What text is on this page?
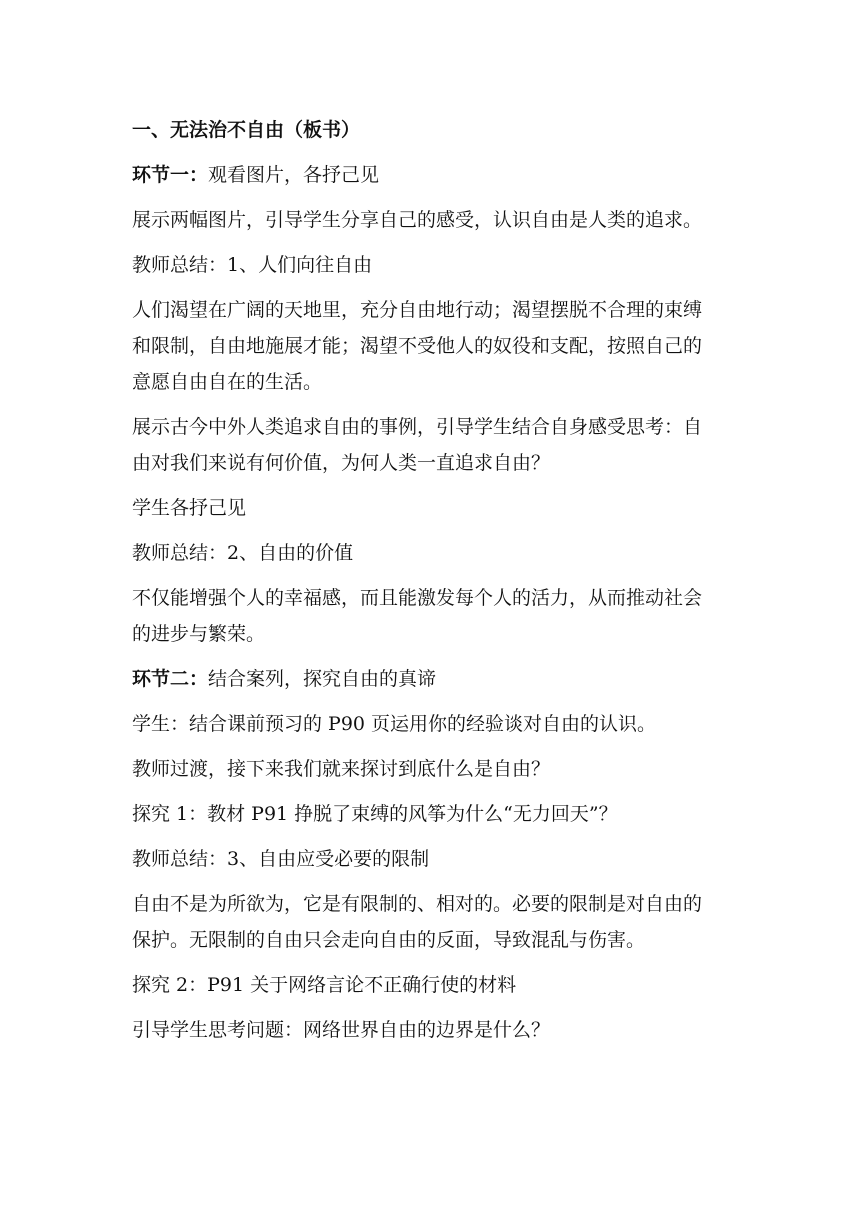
一、无法治不自由（板书）
环节一：观看图片，各抒己见
展示两幅图片，引导学生分享自己的感受，认识自由是人类的追求。
教师总结：1、人们向往自由
人们渴望在广阔的天地里，充分自由地行动；渴望摆脱不合理的束缚
和限制，自由地施展才能；渴望不受他人的奴役和支配，按照自己的
意愿自由自在的生活。
展示古今中外人类追求自由的事例，引导学生结合自身感受思考：自
由对我们来说有何价值，为何人类一直追求自由？
学生各抒己见
教师总结：2、自由的价值
不仅能增强个人的幸福感，而且能激发每个人的活力，从而推动社会
的进步与繁荣。
环节二：结合案列，探究自由的真谛
学生：结合课前预习的 P90 页运用你的经验谈对自由的认识。
教师过渡，接下来我们就来探讨到底什么是自由？
探究 1：教材 P91 挣脱了束缚的风筝为什么“无力回天”？
教师总结：3、自由应受必要的限制
自由不是为所欲为，它是有限制的、相对的。必要的限制是对自由的
保护。无限制的自由只会走向自由的反面，导致混乱与伤害。
探究 2：P91 关于网络言论不正确行使的材料
引导学生思考问题：网络世界自由的边界是什么？
